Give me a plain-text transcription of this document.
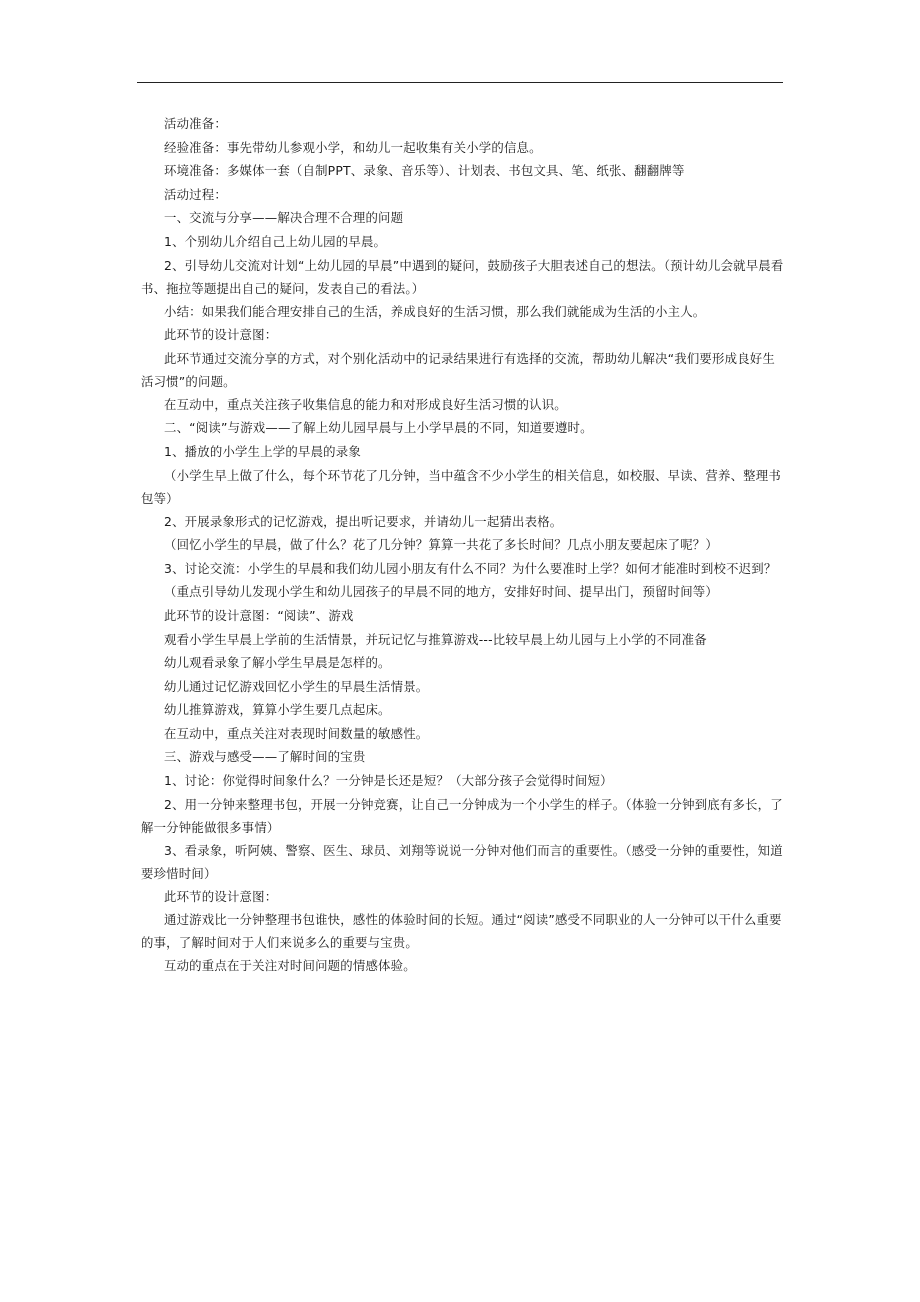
活动准备：

经验准备：事先带幼儿参观小学，和幼儿一起收集有关小学的信息。

环境准备：多媒体一套（自制PPT、录象、音乐等）、计划表、书包文具、笔、纸张、翻翻牌等

活动过程：

一、交流与分享——解决合理不合理的问题

1、个别幼儿介绍自己上幼儿园的早晨。

2、引导幼儿交流对计划“上幼儿园的早晨”中遇到的疑问，鼓励孩子大胆表述自己的想法。（预计幼儿会就早晨看书、拖拉等题提出自己的疑问，发表自己的看法。）

小结：如果我们能合理安排自己的生活，养成良好的生活习惯，那么我们就能成为生活的小主人。

此环节的设计意图：

此环节通过交流分享的方式，对个别化活动中的记录结果进行有选择的交流，帮助幼儿解决“我们要形成良好生活习惯”的问题。

在互动中，重点关注孩子收集信息的能力和对形成良好生活习惯的认识。

二、“阅读”与游戏——了解上幼儿园早晨与上小学早晨的不同，知道要遵时。

1、播放的小学生上学的早晨的录象

（小学生早上做了什么，每个环节花了几分钟，当中蕴含不少小学生的相关信息，如校服、早读、营养、整理书包等）

2、开展录象形式的记忆游戏，提出听记要求，并请幼儿一起猜出表格。

（回忆小学生的早晨，做了什么？花了几分钟？算算一共花了多长时间？几点小朋友要起床了呢？）

3、讨论交流：小学生的早晨和我们幼儿园小朋友有什么不同？为什么要准时上学？如何才能准时到校不迟到？

（重点引导幼儿发现小学生和幼儿园孩子的早晨不同的地方，安排好时间、提早出门，预留时间等）

此环节的设计意图：“阅读”、游戏

观看小学生早晨上学前的生活情景，并玩记忆与推算游戏---比较早晨上幼儿园与上小学的不同准备

幼儿观看录象了解小学生早晨是怎样的。

幼儿通过记忆游戏回忆小学生的早晨生活情景。

幼儿推算游戏，算算小学生要几点起床。

在互动中，重点关注对表现时间数量的敏感性。

三、游戏与感受——了解时间的宝贵

1、讨论：你觉得时间象什么？一分钟是长还是短？（大部分孩子会觉得时间短）

2、用一分钟来整理书包，开展一分钟竞赛，让自己一分钟成为一个小学生的样子。（体验一分钟到底有多长，了解一分钟能做很多事情）

3、看录象，听阿姨、警察、医生、球员、刘翔等说说一分钟对他们而言的重要性。（感受一分钟的重要性，知道要珍惜时间）

此环节的设计意图：

通过游戏比一分钟整理书包谁快，感性的体验时间的长短。通过“阅读”感受不同职业的人一分钟可以干什么重要的事，了解时间对于人们来说多么的重要与宝贵。

互动的重点在于关注对时间问题的情感体验。
